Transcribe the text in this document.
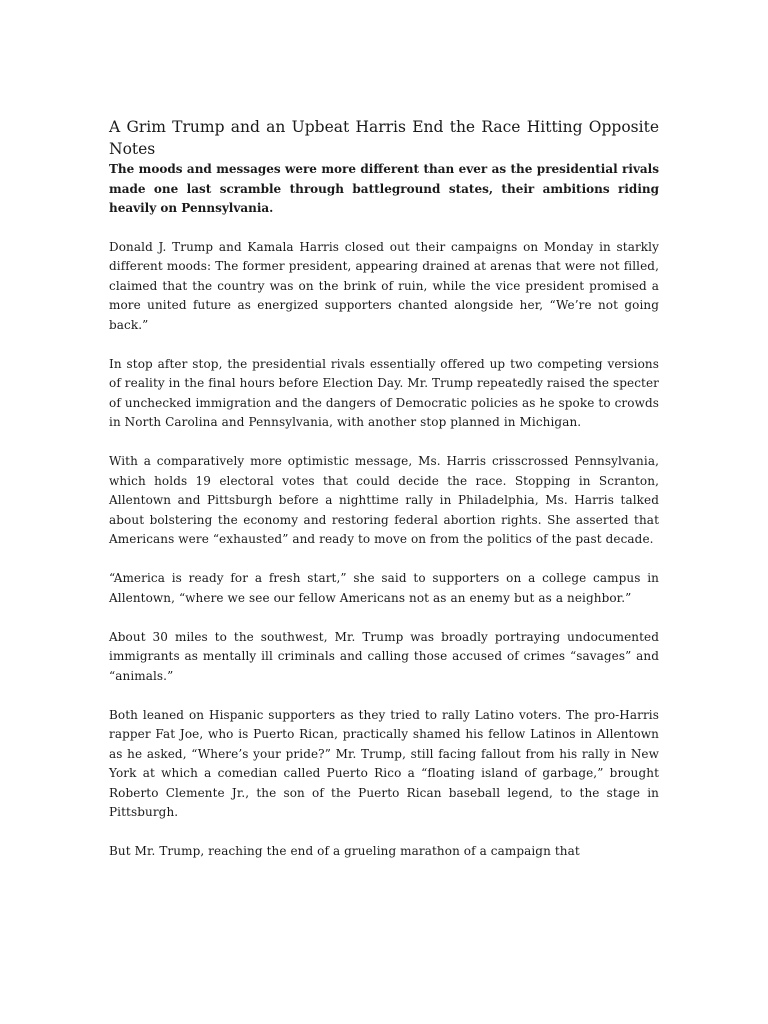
A Grim Trump and an Upbeat Harris End the Race Hitting Opposite Notes

The moods and messages were more different than ever as the presidential rivals made one last scramble through battleground states, their ambitions riding heavily on Pennsylvania.

Donald J. Trump and Kamala Harris closed out their campaigns on Monday in starkly different moods: The former president, appearing drained at arenas that were not filled, claimed that the country was on the brink of ruin, while the vice president promised a more united future as energized supporters chanted alongside her, “We’re not going back.”

In stop after stop, the presidential rivals essentially offered up two competing versions of reality in the final hours before Election Day. Mr. Trump repeatedly raised the specter of unchecked immigration and the dangers of Democratic policies as he spoke to crowds in North Carolina and Pennsylvania, with another stop planned in Michigan.

With a comparatively more optimistic message, Ms. Harris crisscrossed Pennsylvania, which holds 19 electoral votes that could decide the race. Stopping in Scranton, Allentown and Pittsburgh before a nighttime rally in Philadelphia, Ms. Harris talked about bolstering the economy and restoring federal abortion rights. She asserted that Americans were “exhausted” and ready to move on from the politics of the past decade.

“America is ready for a fresh start,” she said to supporters on a college campus in Allentown, “where we see our fellow Americans not as an enemy but as a neighbor.”

About 30 miles to the southwest, Mr. Trump was broadly portraying undocumented immigrants as mentally ill criminals and calling those accused of crimes “savages” and “animals.”

Both leaned on Hispanic supporters as they tried to rally Latino voters. The pro-Harris rapper Fat Joe, who is Puerto Rican, practically shamed his fellow Latinos in Allentown as he asked, “Where’s your pride?” Mr. Trump, still facing fallout from his rally in New York at which a comedian called Puerto Rico a “floating island of garbage,” brought Roberto Clemente Jr., the son of the Puerto Rican baseball legend, to the stage in Pittsburgh.

But Mr. Trump, reaching the end of a grueling marathon of a campaign that
